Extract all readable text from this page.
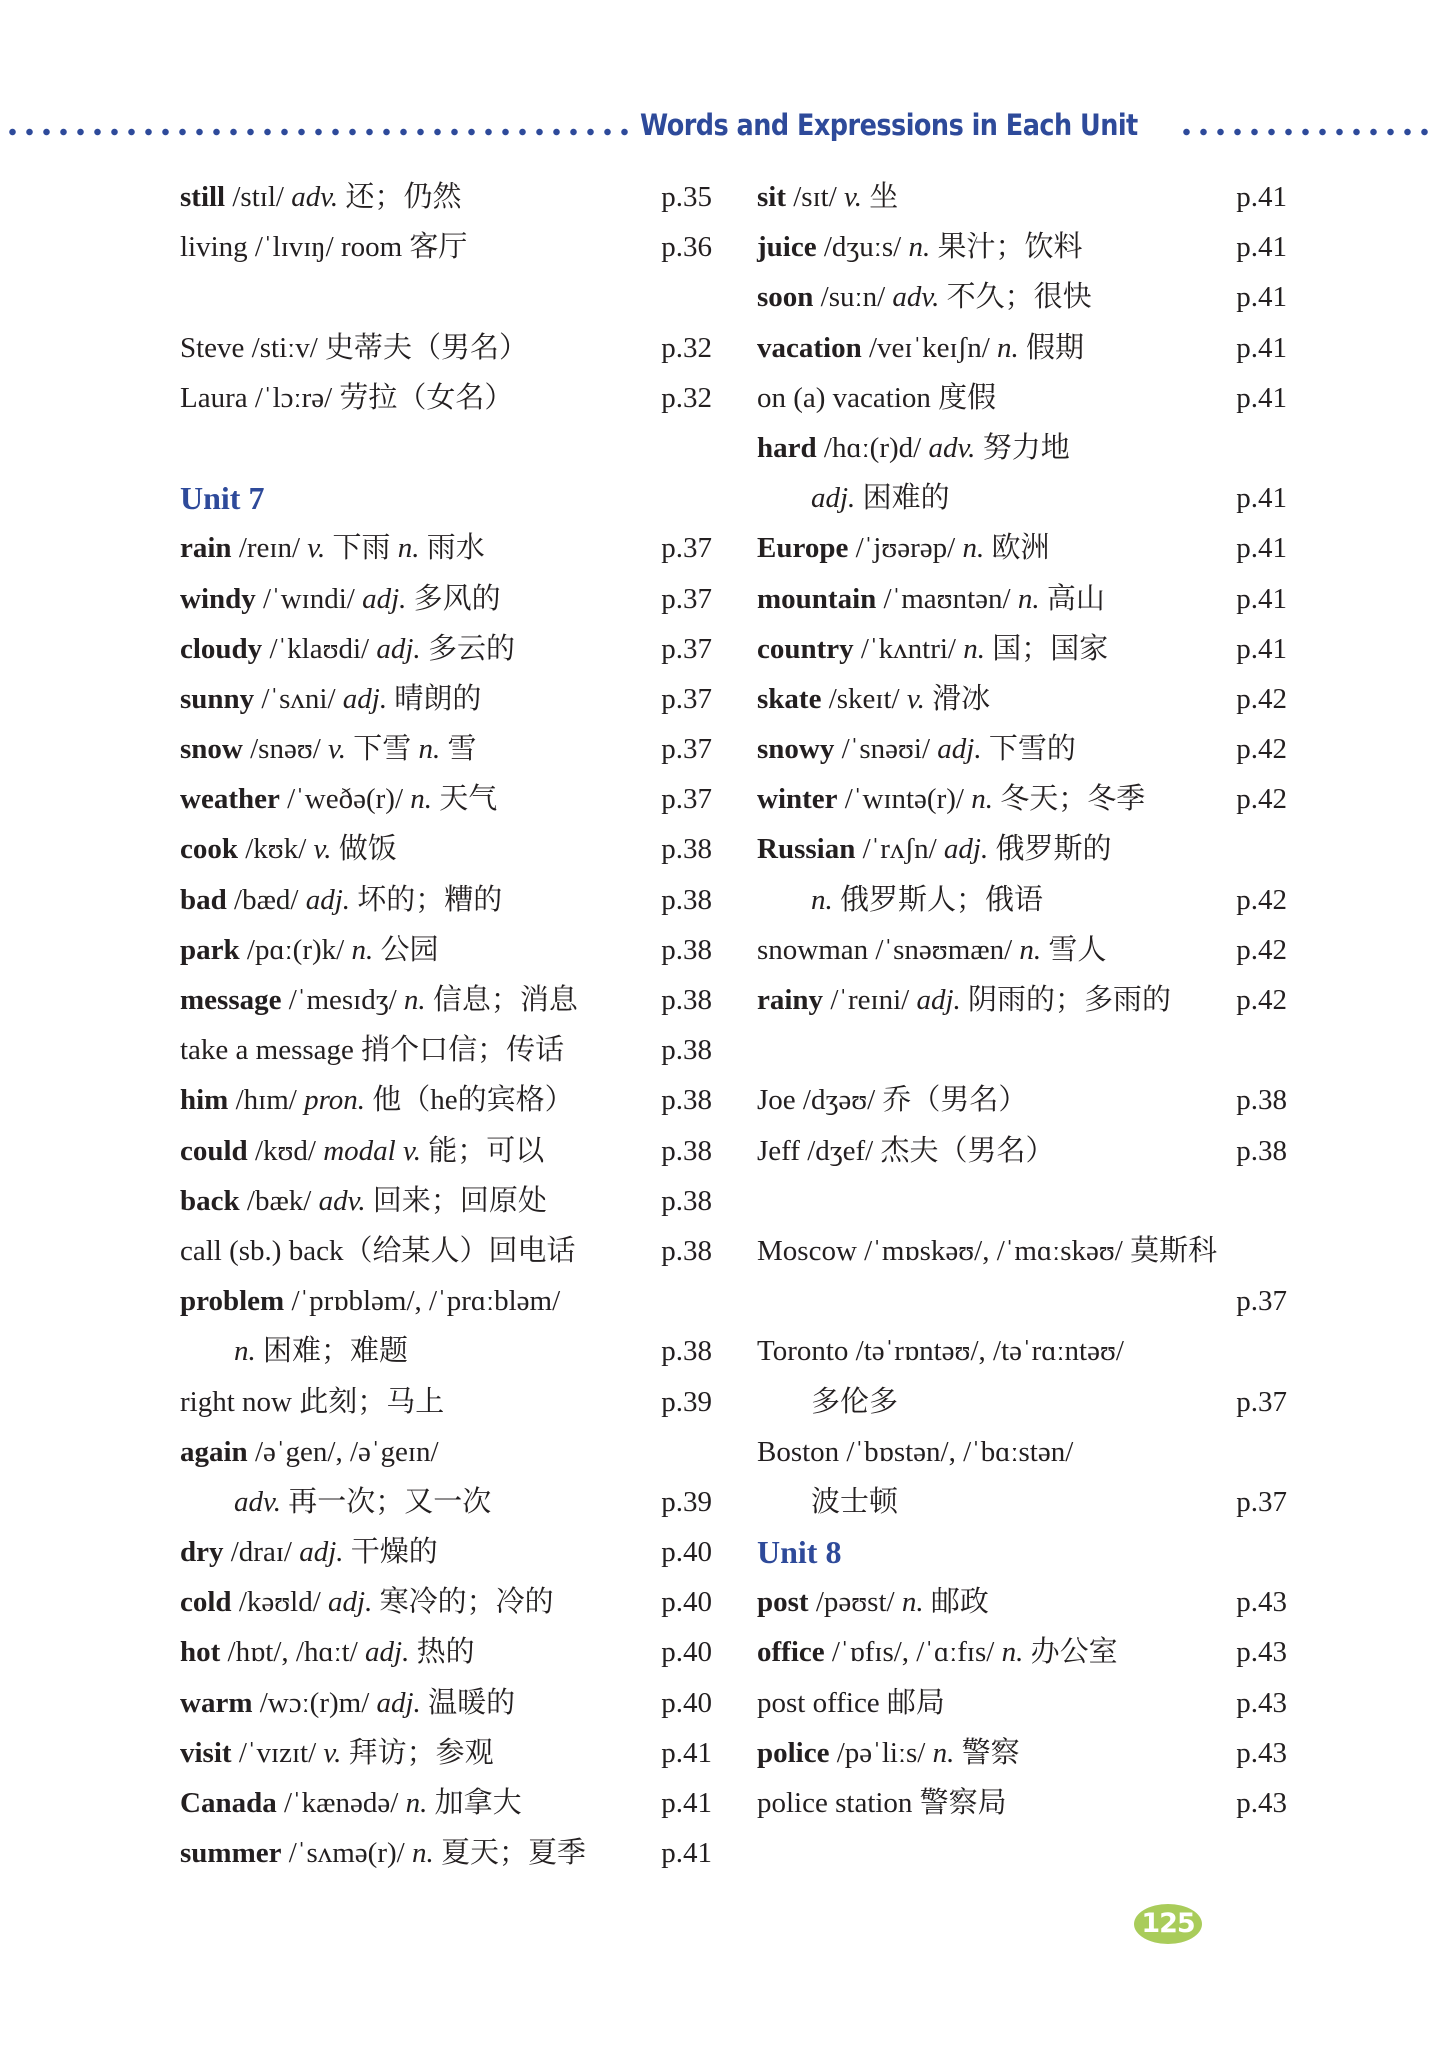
Words and Expressions in Each Unit
still /stɪl/ adv. 还；仍然	p.35
living /ˈlɪvɪŋ/ room 客厅	p.36
Steve /stiːv/ 史蒂夫（男名）	p.32
Laura /ˈlɔːrə/ 劳拉（女名）	p.32
Unit 7
rain /reɪn/ v. 下雨 n. 雨水	p.37
windy /ˈwɪndi/ adj. 多风的	p.37
cloudy /ˈklaʊdi/ adj. 多云的	p.37
sunny /ˈsʌni/ adj. 晴朗的	p.37
snow /snəʊ/ v. 下雪 n. 雪	p.37
weather /ˈweðə(r)/ n. 天气	p.37
cook /kʊk/ v. 做饭	p.38
bad /bæd/ adj. 坏的；糟的	p.38
park /pɑː(r)k/ n. 公园	p.38
message /ˈmesɪdʒ/ n. 信息；消息	p.38
take a message 捎个口信；传话	p.38
him /hɪm/ pron. 他（he的宾格）	p.38
could /kʊd/ modal v. 能；可以	p.38
back /bæk/ adv. 回来；回原处	p.38
call (sb.) back（给某人）回电话	p.38
problem /ˈprɒbləm/, /ˈprɑːbləm/
n. 困难；难题	p.38
right now 此刻；马上	p.39
again /əˈgen/, /əˈgeɪn/
adv. 再一次；又一次	p.39
dry /draɪ/ adj. 干燥的	p.40
cold /kəʊld/ adj. 寒冷的；冷的	p.40
hot /hɒt/, /hɑːt/ adj. 热的	p.40
warm /wɔː(r)m/ adj. 温暖的	p.40
visit /ˈvɪzɪt/ v. 拜访；参观	p.41
Canada /ˈkænədə/ n. 加拿大	p.41
summer /ˈsʌmə(r)/ n. 夏天；夏季	p.41
sit /sɪt/ v. 坐	p.41
juice /dʒuːs/ n. 果汁；饮料	p.41
soon /suːn/ adv. 不久；很快	p.41
vacation /veɪˈkeɪʃn/ n. 假期	p.41
on (a) vacation 度假	p.41
hard /hɑː(r)d/ adv. 努力地
adj. 困难的	p.41
Europe /ˈjʊərəp/ n. 欧洲	p.41
mountain /ˈmaʊntən/ n. 高山	p.41
country /ˈkʌntri/ n. 国；国家	p.41
skate /skeɪt/ v. 滑冰	p.42
snowy /ˈsnəʊi/ adj. 下雪的	p.42
winter /ˈwɪntə(r)/ n. 冬天；冬季	p.42
Russian /ˈrʌʃn/ adj. 俄罗斯的
n. 俄罗斯人；俄语	p.42
snowman /ˈsnəʊmæn/ n. 雪人	p.42
rainy /ˈreɪni/ adj. 阴雨的；多雨的 p.42
Joe /dʒəʊ/ 乔（男名）	p.38
Jeff /dʒef/ 杰夫（男名）	p.38
Moscow /ˈmɒskəʊ/, /ˈmɑːskəʊ/ 莫斯科
p.37
Toronto /təˈrɒntəʊ/, /təˈrɑːntəʊ/
多伦多	p.37
Boston /ˈbɒstən/, /ˈbɑːstən/
波士顿	p.37
Unit 8
post /pəʊst/ n. 邮政	p.43
office /ˈɒfɪs/, /ˈɑːfɪs/ n. 办公室	p.43
post office 邮局	p.43
police /pəˈliːs/ n. 警察	p.43
police station 警察局	p.43
125
